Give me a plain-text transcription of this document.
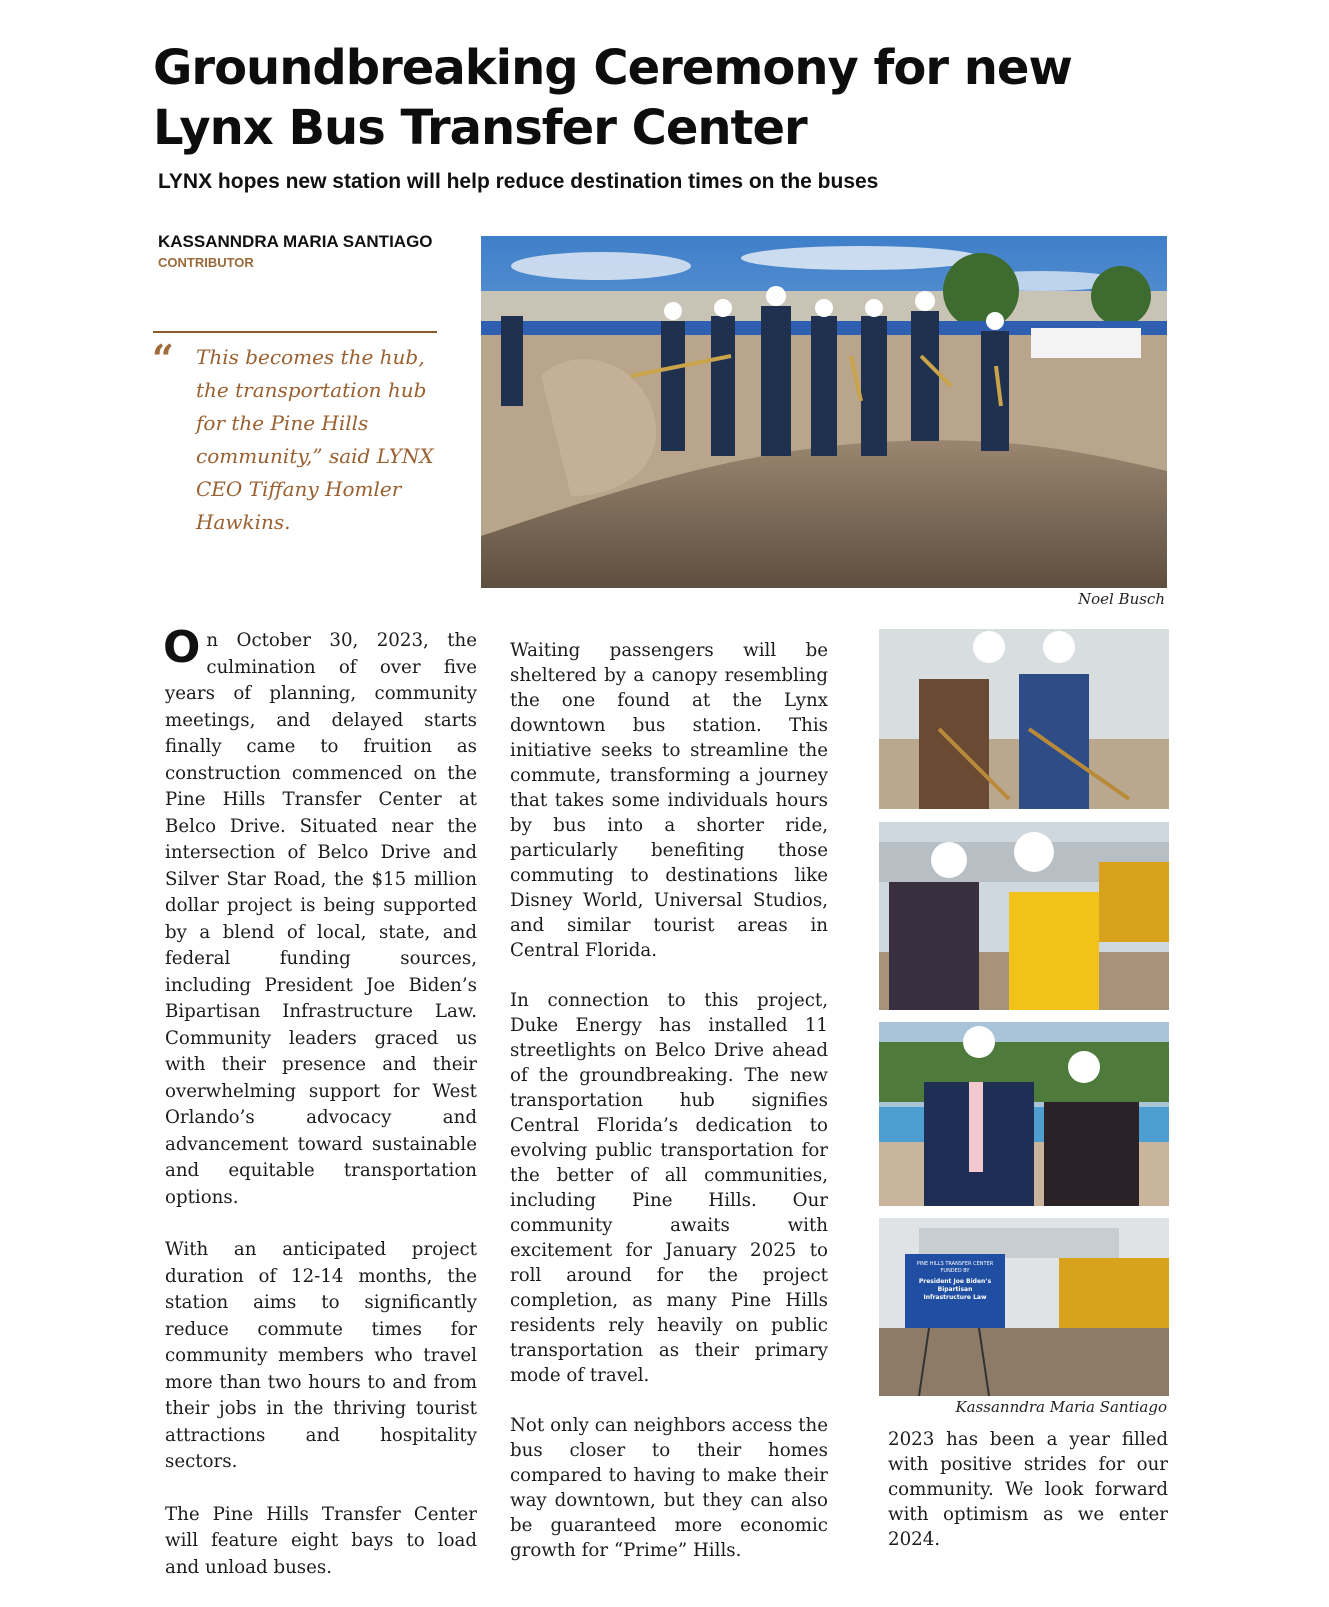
Groundbreaking Ceremony for new Lynx Bus Transfer Center

LYNX hopes new station will help reduce destination times on the buses

KASSANNDRA MARIA SANTIAGO
CONTRIBUTOR
“ This becomes the hub, the transportation hub for the Pine Hills community,” said LYNX CEO Tiffany Homler Hawkins.

Noel Busch

On October 30, 2023, the culmination of over five years of planning, community meetings, and delayed starts finally came to fruition as construction commenced on the Pine Hills Transfer Center at Belco Drive. Situated near the intersection of Belco Drive and Silver Star Road, the $15 million dollar project is being supported by a blend of local, state, and federal funding sources, including President Joe Biden’s Bipartisan Infrastructure Law. Community leaders graced us with their presence and their overwhelming support for West Orlando’s advocacy and advancement toward sustainable and equitable transportation options.

With an anticipated project duration of 12-14 months, the station aims to significantly reduce commute times for community members who travel more than two hours to and from their jobs in the thriving tourist attractions and hospitality sectors.

The Pine Hills Transfer Center will feature eight bays to load and unload buses.

Waiting passengers will be sheltered by a canopy resembling the one found at the Lynx downtown bus station. This initiative seeks to streamline the commute, transforming a journey that takes some individuals hours by bus into a shorter ride, particularly benefiting those commuting to destinations like Disney World, Universal Studios, and similar tourist areas in Central Florida.

In connection to this project, Duke Energy has installed 11 streetlights on Belco Drive ahead of the groundbreaking. The new transportation hub signifies Central Florida’s dedication to evolving public transportation for the better of all communities, including Pine Hills. Our community awaits with excitement for January 2025 to roll around for the project completion, as many Pine Hills residents rely heavily on public transportation as their primary mode of travel.

Not only can neighbors access the bus closer to their homes compared to having to make their way downtown, but they can also be guaranteed more economic growth for “Prime” Hills.

PINE HILLS TRANSFER CENTER
FUNDED BY
President Joe Biden’s
Bipartisan
Infrastructure Law
Kassanndra Maria Santiago

2023 has been a year filled with positive strides for our community. We look forward with optimism as we enter 2024.
